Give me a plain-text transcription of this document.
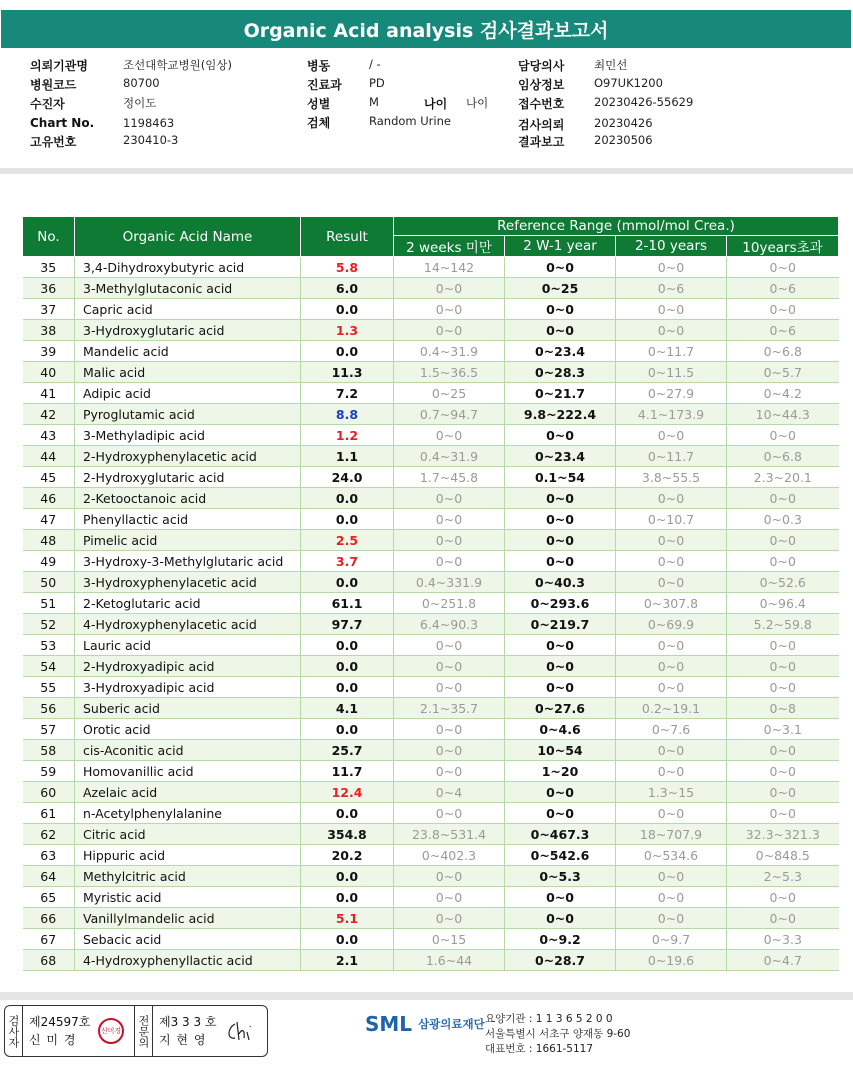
Organic Acid analysis 검사결과보고서
의뢰기관명	조선대학교병원(임상)
병원코드	80700
수진자	정이도
Chart No.	1198463
고유번호	230410-3
병동	/ -
진료과	PD
성별	M	나이	나이
검체	Random Urine
담당의사	최민선
임상정보	O97UK1200
접수번호	20230426-55629
검사의뢰	20230426
결과보고	20230506
No.	Organic Acid Name	Result	Reference Range (mmol/mol Crea.)			
			2 weeks 미만	2 W-1 year	2-10 years	10years초과
35	3,4-Dihydroxybutyric acid	5.8	14~142	0~0	0~0	0~0
36	3-Methylglutaconic acid	6.0	0~0	0~25	0~6	0~6
37	Capric acid	0.0	0~0	0~0	0~0	0~0
38	3-Hydroxyglutaric acid	1.3	0~0	0~0	0~0	0~6
39	Mandelic acid	0.0	0.4~31.9	0~23.4	0~11.7	0~6.8
40	Malic acid	11.3	1.5~36.5	0~28.3	0~11.5	0~5.7
41	Adipic acid	7.2	0~25	0~21.7	0~27.9	0~4.2
42	Pyroglutamic acid	8.8	0.7~94.7	9.8~222.4	4.1~173.9	10~44.3
43	3-Methyladipic acid	1.2	0~0	0~0	0~0	0~0
44	2-Hydroxyphenylacetic acid	1.1	0.4~31.9	0~23.4	0~11.7	0~6.8
45	2-Hydroxyglutaric acid	24.0	1.7~45.8	0.1~54	3.8~55.5	2.3~20.1
46	2-Ketooctanoic acid	0.0	0~0	0~0	0~0	0~0
47	Phenyllactic acid	0.0	0~0	0~0	0~10.7	0~0.3
48	Pimelic acid	2.5	0~0	0~0	0~0	0~0
49	3-Hydroxy-3-Methylglutaric acid	3.7	0~0	0~0	0~0	0~0
50	3-Hydroxyphenylacetic acid	0.0	0.4~331.9	0~40.3	0~0	0~52.6
51	2-Ketoglutaric acid	61.1	0~251.8	0~293.6	0~307.8	0~96.4
52	4-Hydroxyphenylacetic acid	97.7	6.4~90.3	0~219.7	0~69.9	5.2~59.8
53	Lauric acid	0.0	0~0	0~0	0~0	0~0
54	2-Hydroxyadipic acid	0.0	0~0	0~0	0~0	0~0
55	3-Hydroxyadipic acid	0.0	0~0	0~0	0~0	0~0
56	Suberic acid	4.1	2.1~35.7	0~27.6	0.2~19.1	0~8
57	Orotic acid	0.0	0~0	0~4.6	0~7.6	0~3.1
58	cis-Aconitic acid	25.7	0~0	10~54	0~0	0~0
59	Homovanillic acid	11.7	0~0	1~20	0~0	0~0
60	Azelaic acid	12.4	0~4	0~0	1.3~15	0~0
61	n-Acetylphenylalanine	0.0	0~0	0~0	0~0	0~0
62	Citric acid	354.8	23.8~531.4	0~467.3	18~707.9	32.3~321.3
63	Hippuric acid	20.2	0~402.3	0~542.6	0~534.6	0~848.5
64	Methylcitric acid	0.0	0~0	0~5.3	0~0	2~5.3
65	Myristic acid	0.0	0~0	0~0	0~0	0~0
66	Vanillylmandelic acid	5.1	0~0	0~0	0~0	0~0
67	Sebacic acid	0.0	0~15	0~9.2	0~9.7	0~3.3
68	4-Hydroxyphenyllactic acid	2.1	1.6~44	0~28.7	0~19.6	0~4.7
검사자 제24597호
신 미 경
신미경 전문의 제3 3 3 호
지 현 영
SML 삼광의료재단 요양기관 : 1 1 3 6 5 2 0 0
서울특별시 서초구 양재동 9-60
대표번호 : 1661-5117
